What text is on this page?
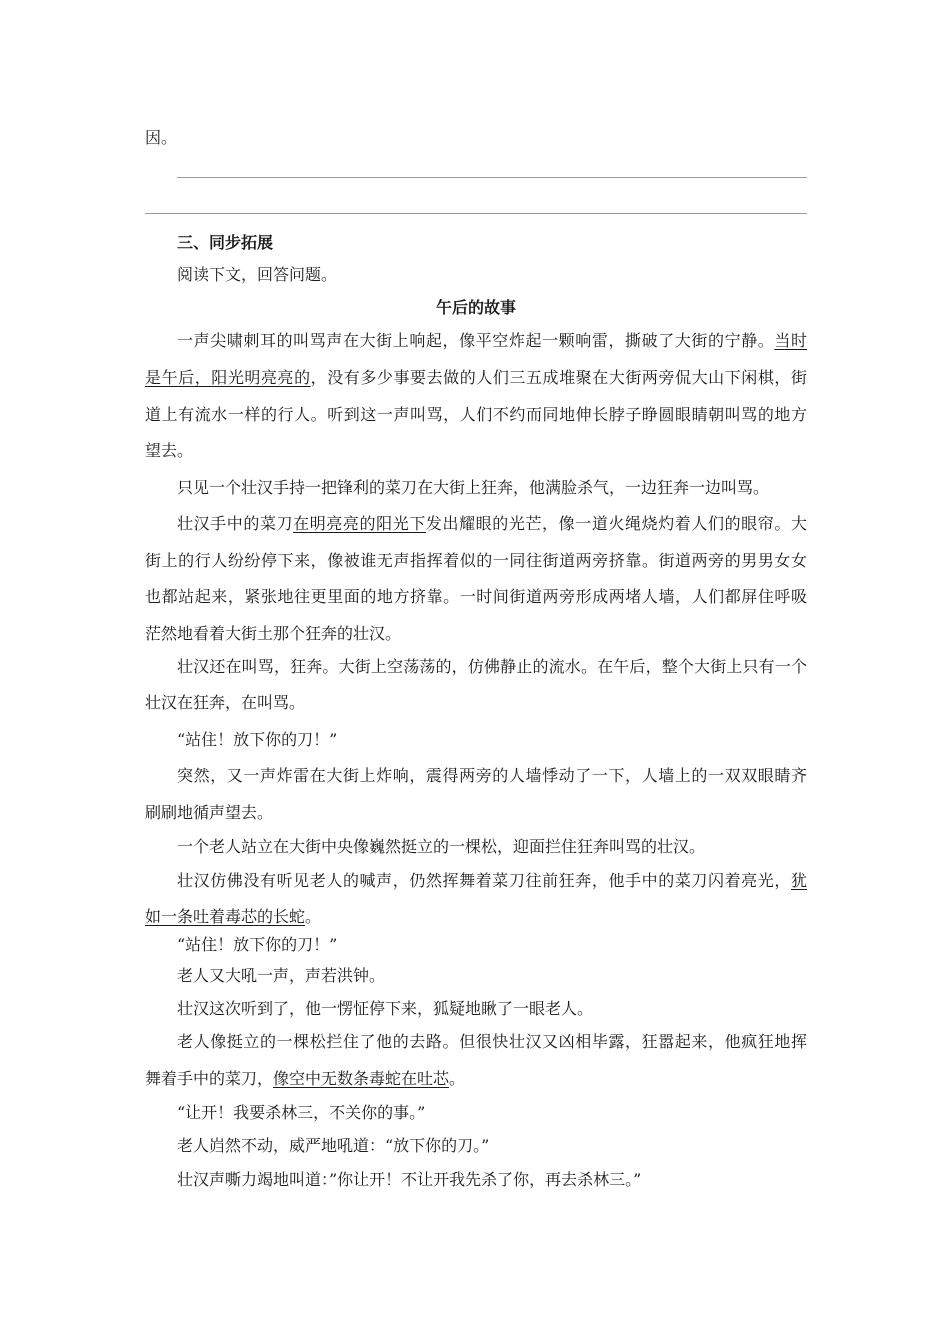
因。
三、同步拓展
阅读下文，回答问题。
午后的故事
一声尖啸刺耳的叫骂声在大街上响起，像平空炸起一颗响雷，撕破了大街的宁静。当时
是午后，阳光明亮亮的，没有多少事要去做的人们三五成堆聚在大街两旁侃大山下闲棋，街
道上有流水一样的行人。听到这一声叫骂，人们不约而同地伸长脖子睁圆眼睛朝叫骂的地方
望去。
只见一个壮汉手持一把锋利的菜刀在大街上狂奔，他满脸杀气，一边狂奔一边叫骂。
壮汉手中的菜刀在明亮亮的阳光下发出耀眼的光芒，像一道火绳烧灼着人们的眼帘。大
街上的行人纷纷停下来，像被谁无声指挥着似的一同往街道两旁挤靠。街道两旁的男男女女
也都站起来，紧张地往更里面的地方挤靠。一时间街道两旁形成两堵人墙，人们都屏住呼吸
茫然地看着大街土那个狂奔的壮汉。
壮汉还在叫骂，狂奔。大街上空荡荡的，仿佛静止的流水。在午后，整个大街上只有一个
壮汉在狂奔，在叫骂。
“站住！放下你的刀！”
突然，又一声炸雷在大街上炸响，震得两旁的人墙悸动了一下，人墙上的一双双眼睛齐
刷刷地循声望去。
一个老人站立在大街中央像巍然挺立的一棵松，迎面拦住狂奔叫骂的壮汉。
壮汉仿佛没有听见老人的喊声，仍然挥舞着菜刀往前狂奔，他手中的菜刀闪着亮光，犹
如一条吐着毒芯的长蛇。
“站住！放下你的刀！”
老人又大吼一声，声若洪钟。
壮汉这次听到了，他一愣怔停下来，狐疑地瞅了一眼老人。
老人像挺立的一棵松拦住了他的去路。但很快壮汉又凶相毕露，狂嚣起来，他疯狂地挥
舞着手中的菜刀，像空中无数条毒蛇在吐芯。
“让开！我要杀林三，不关你的事。”
老人岿然不动，威严地吼道：“放下你的刀。”
壮汉声嘶力竭地叫道：”你让开！不让开我先杀了你，再去杀林三。”
